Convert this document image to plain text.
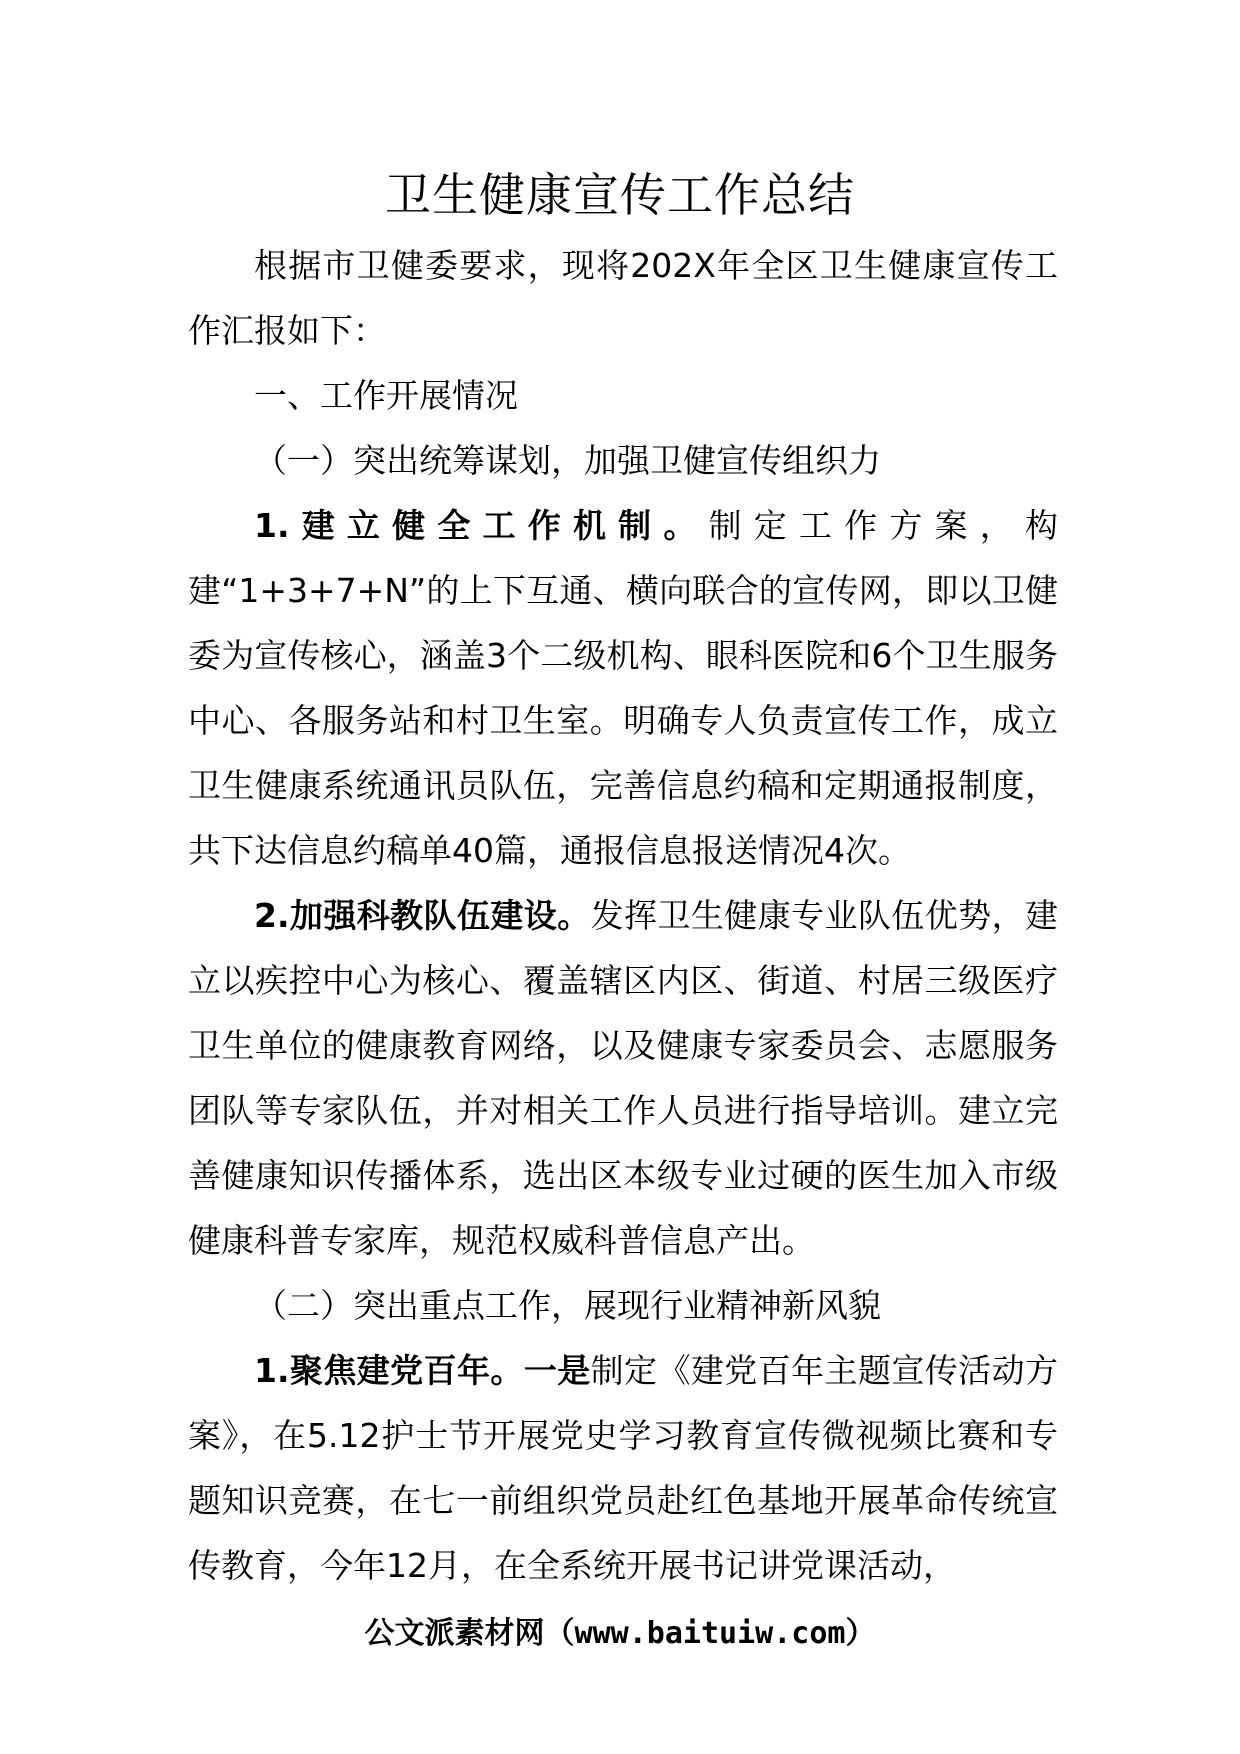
卫生健康宣传工作总结

根据市卫健委要求，现将202X年全区卫生健康宣传工作汇报如下：

一、工作开展情况

（一）突出统筹谋划，加强卫健宣传组织力

1.建立健全工作机制。制定工作方案，构建“1+3+7+N”的上下互通、横向联合的宣传网，即以卫健委为宣传核心，涵盖3个二级机构、眼科医院和6个卫生服务中心、各服务站和村卫生室。明确专人负责宣传工作，成立卫生健康系统通讯员队伍，完善信息约稿和定期通报制度，共下达信息约稿单40篇，通报信息报送情况4次。

2.加强科教队伍建设。发挥卫生健康专业队伍优势，建立以疾控中心为核心、覆盖辖区内区、街道、村居三级医疗卫生单位的健康教育网络，以及健康专家委员会、志愿服务团队等专家队伍，并对相关工作人员进行指导培训。建立完善健康知识传播体系，选出区本级专业过硬的医生加入市级健康科普专家库，规范权威科普信息产出。

（二）突出重点工作，展现行业精神新风貌

1.聚焦建党百年。一是制定《建党百年主题宣传活动方案》，在5.12护士节开展党史学习教育宣传微视频比赛和专题知识竞赛，在七一前组织党员赴红色基地开展革命传统宣传教育，今年12月，在全系统开展书记讲党课活动，

公文派素材网（www.baituiw.com）
